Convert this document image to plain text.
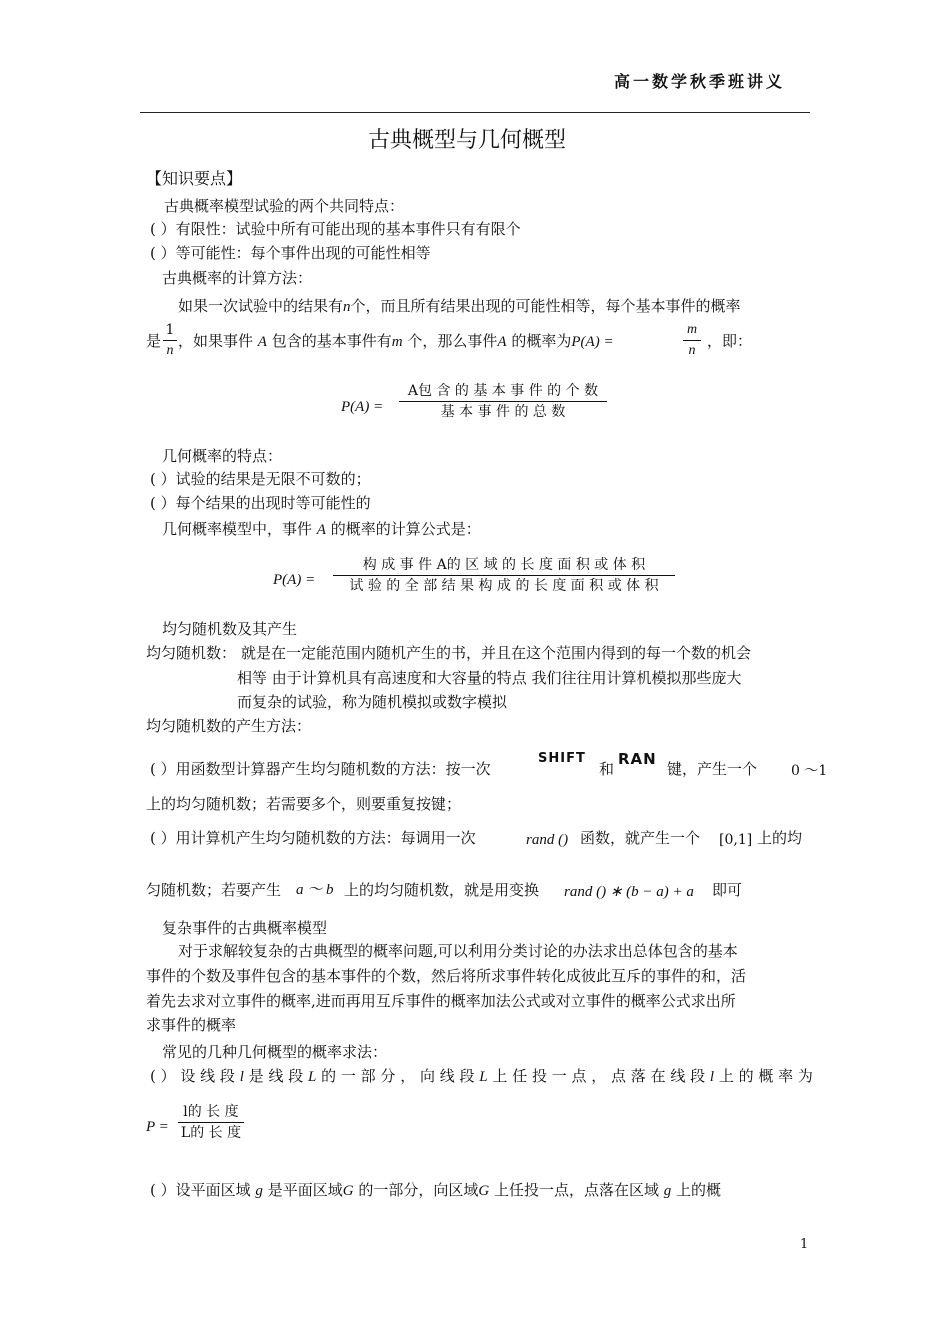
高一数学秋季班讲义
古典概型与几何概型
【知识要点】
古典概率模型试验的两个共同特点：
( ）有限性：试验中所有可能出现的基本事件只有有限个
( ）等可能性：每个事件出现的可能性相等
古典概率的计算方法：
如果一次试验中的结果有n个，而且所有结果出现的可能性相等，每个基本事件的概率
是
1
n
，如果事件 A 包含的基本事件有m 个，那么事件A 的概率为P(A) =
m
n
，即：
P(A) =
A包 含 的 基 本 事 件 的 个 数
基 本 事 件 的 总 数
几何概率的特点：
( ）试验的结果是无限不可数的；
( ）每个结果的出现时等可能性的
几何概率模型中，事件 A 的概率的计算公式是：
P(A) =
构 成 事 件 A的 区 域 的 长 度 面 积 或 体 积
试 验 的 全 部 结 果 构 成 的 长 度 面 积 或 体 积
均匀随机数及其产生
均匀随机数： 就是在一定能范围内随机产生的书，并且在这个范围内得到的每一个数的机会
相等 由于计算机具有高速度和大容量的特点 我们往往用计算机模拟那些庞大
而复杂的试验，称为随机模拟或数字模拟
均匀随机数的产生方法：
( ）用函数型计算器产生均匀随机数的方法：按一次
SHIFT
和
RAN
键，产生一个 0 ～1
上的均匀随机数；若需要多个，则要重复按键；
( ）用计算机产生均匀随机数的方法：每调用一次	rand () 函数，就产生一个 [0,1] 上的均
匀随机数；若要产生 a ～ b 上的均匀随机数，就是用变换 rand () ∗ (b − a) + a 即可
复杂事件的古典概率模型
对于求解较复杂的古典概型的概率问题,可以利用分类讨论的办法求出总体包含的基本
事件的个数及事件包含的基本事件的个数，然后将所求事件转化成彼此互斥的事件的和，活
着先去求对立事件的概率,进而再用互斥事件的概率加法公式或对立事件的概率公式求出所
求事件的概率
常见的几种几何概型的概率求法：
( ） 设 线 段 l 是 线 段 L 的 一 部 分 ， 向 线 段 L 上 任 投 一 点 ， 点 落 在 线 段 l 上 的 概 率 为
P =
l的 长 度
L的 长 度
( ）设平面区域 g 是平面区域G 的一部分，向区域G 上任投一点，点落在区域 g 上的概
1
